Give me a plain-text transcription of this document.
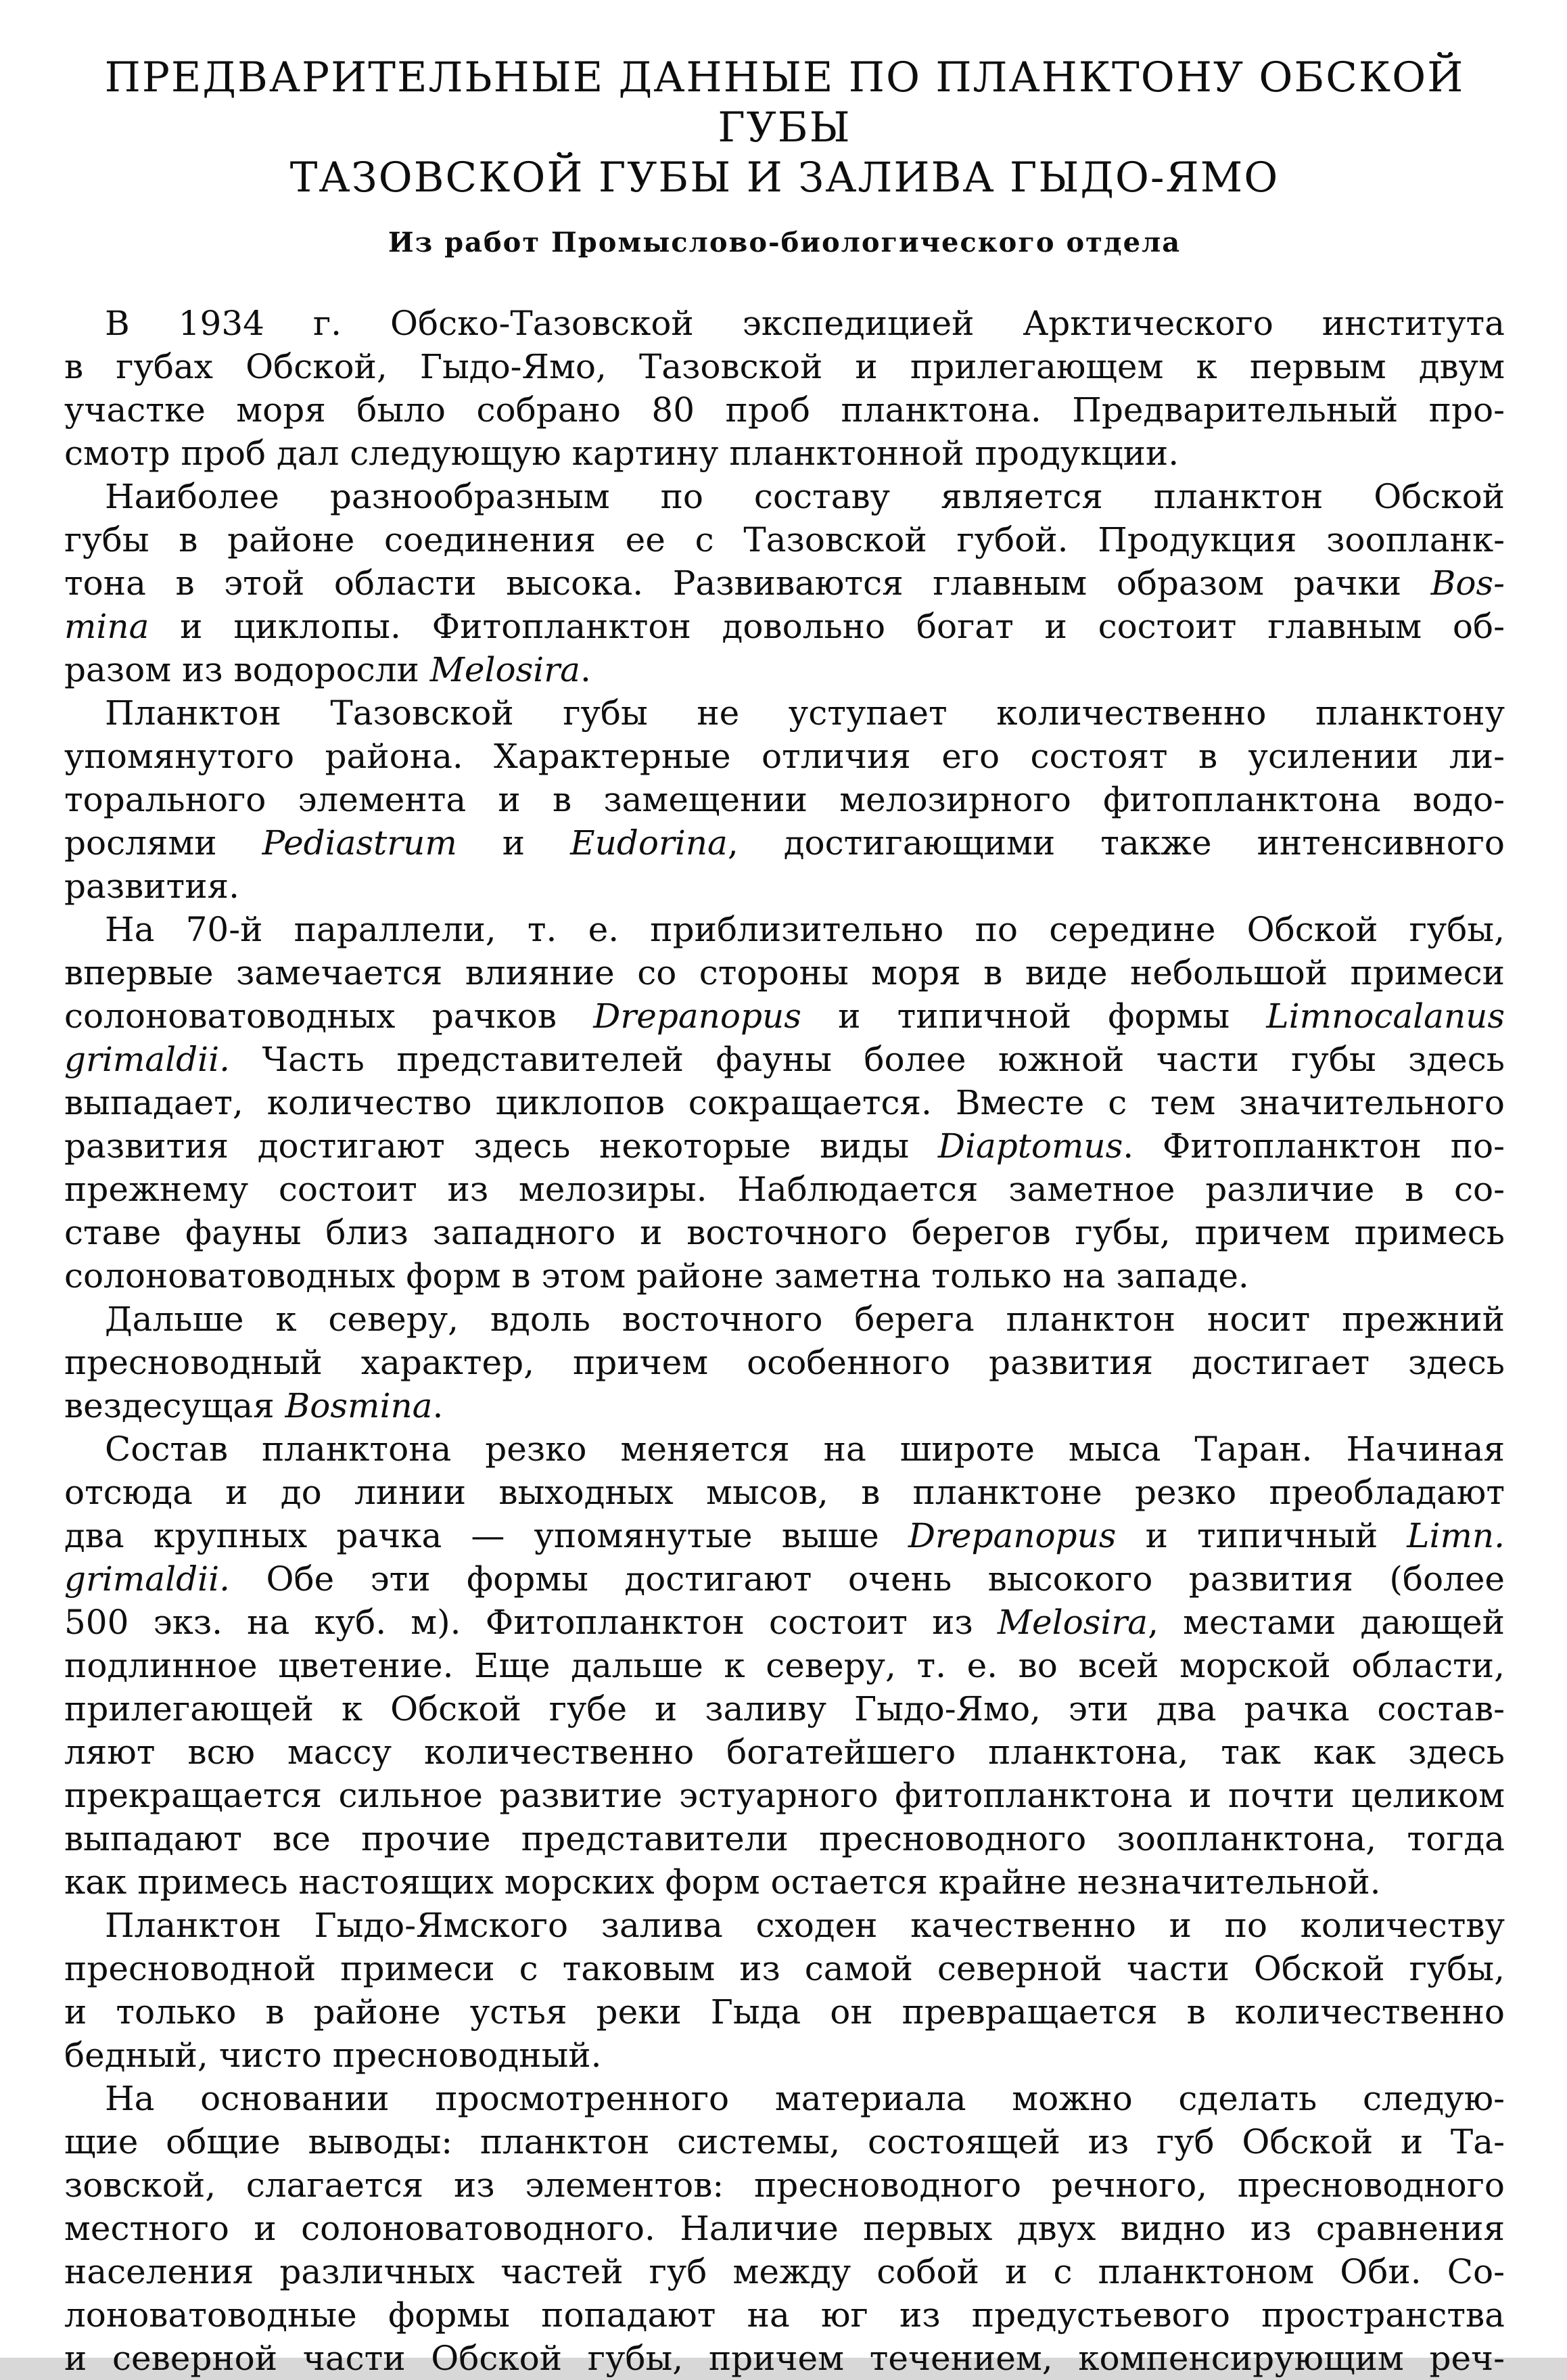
ПРЕДВАРИТЕЛЬНЫЕ ДАННЫЕ ПО ПЛАНКТОНУ ОБСКОЙ ГУБЫ
ТАЗОВСКОЙ ГУБЫ И ЗАЛИВА ГЫДО-ЯМО

Из работ Промыслово-биологического отдела

В 1934 г. Обско-Тазовской экспедицией Арктического института
в губах Обской, Гыдо-Ямо, Тазовской и прилегающем к первым двум
участке моря было собрано 80 проб планктона. Предварительный про-
смотр проб дал следующую картину планктонной продукции.
Наиболее разнообразным по составу является планктон Обской
губы в районе соединения ее с Тазовской губой. Продукция зоопланк-
тона в этой области высока. Развиваются главным образом рачки Bos-
mina и циклопы. Фитопланктон довольно богат и состоит главным об-
разом из водоросли Melosira.
Планктон Тазовской губы не уступает количественно планктону
упомянутого района. Характерные отличия его состоят в усилении ли-
торального элемента и в замещении мелозирного фитопланктона водо-
рослями Pediastrum и Eudorina, достигающими также интенсивного
развития.
На 70-й параллели, т. е. приблизительно по середине Обской губы,
впервые замечается влияние со стороны моря в виде небольшой примеси
солоноватоводных рачков Drepanopus и типичной формы Limnocalanus
grimaldii. Часть представителей фауны более южной части губы здесь
выпадает, количество циклопов сокращается. Вместе с тем значительного
развития достигают здесь некоторые виды Diaptomus. Фитопланктон по-
прежнему состоит из мелозиры. Наблюдается заметное различие в со-
ставе фауны близ западного и восточного берегов губы, причем примесь
солоноватоводных форм в этом районе заметна только на западе.
Дальше к северу, вдоль восточного берега планктон носит прежний
пресноводный характер, причем особенного развития достигает здесь
вездесущая Bosmina.
Состав планктона резко меняется на широте мыса Таран. Начиная
отсюда и до линии выходных мысов, в планктоне резко преобладают
два крупных рачка — упомянутые выше Drepanopus и типичный Limn.
grimaldii. Обе эти формы достигают очень высокого развития (более
500 экз. на куб. м). Фитопланктон состоит из Melosira, местами дающей
подлинное цветение. Еще дальше к северу, т. е. во всей морской области,
прилегающей к Обской губе и заливу Гыдо-Ямо, эти два рачка состав-
ляют всю массу количественно богатейшего планктона, так как здесь
прекращается сильное развитие эстуарного фитопланктона и почти целиком
выпадают все прочие представители пресноводного зоопланктона, тогда
как примесь настоящих морских форм остается крайне незначительной.
Планктон Гыдо-Ямского залива сходен качественно и по количеству
пресноводной примеси с таковым из самой северной части Обской губы,
и только в районе устья реки Гыда он превращается в количественно
бедный, чисто пресноводный.
На основании просмотренного материала можно сделать следую-
щие общие выводы: планктон системы, состоящей из губ Обской и Та-
зовской, слагается из элементов: пресноводного речного, пресноводного
местного и солоноватоводного. Наличие первых двух видно из сравнения
населения различных частей губ между собой и с планктоном Оби. Со-
лоноватоводные формы попадают на юг из предустьевого пространства
и северной части Обской губы, причем течением, компенсирующим реч-
